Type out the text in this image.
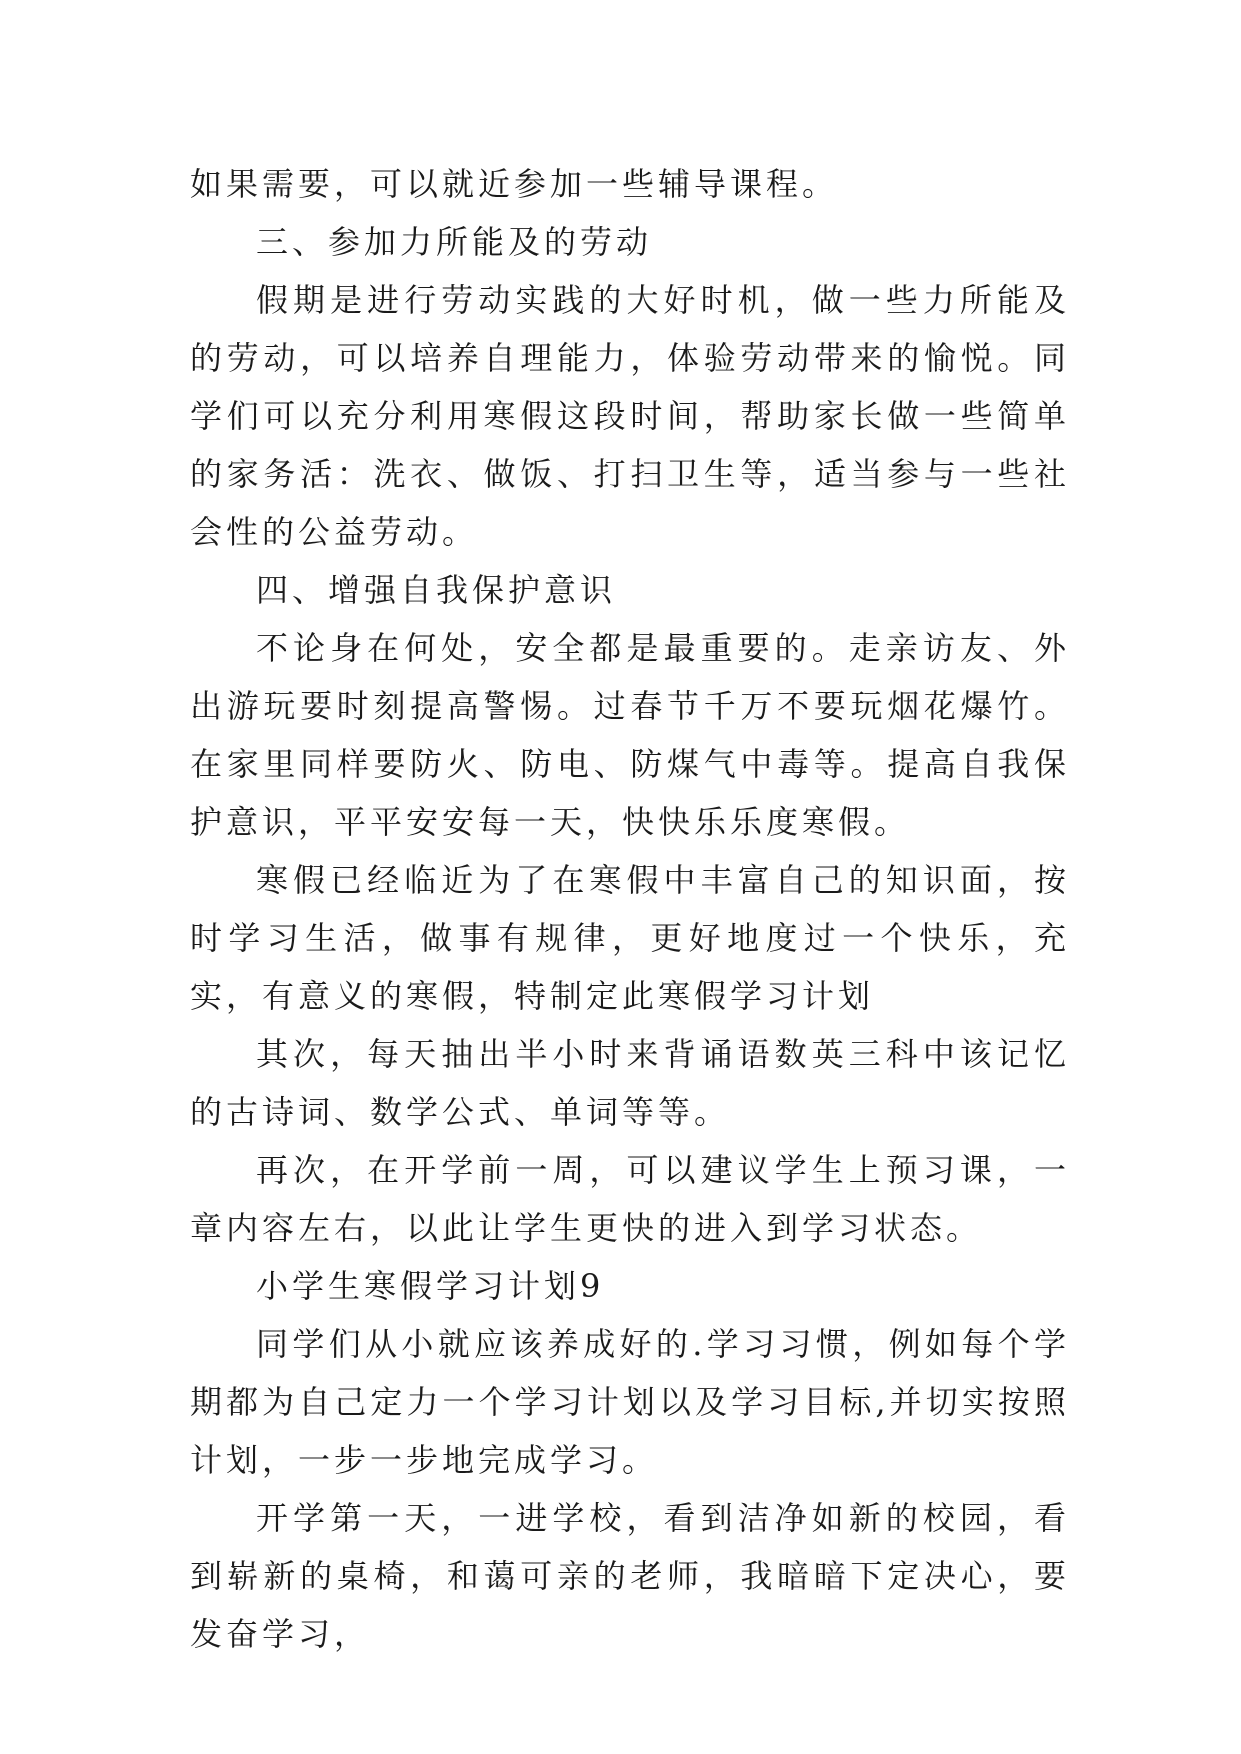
如果需要，可以就近参加一些辅导课程。

三、参加力所能及的劳动

假期是进行劳动实践的大好时机，做一些力所能及的劳动，可以培养自理能力，体验劳动带来的愉悦。同学们可以充分利用寒假这段时间，帮助家长做一些简单的家务活：洗衣、做饭、打扫卫生等，适当参与一些社会性的公益劳动。

四、增强自我保护意识

不论身在何处，安全都是最重要的。走亲访友、外出游玩要时刻提高警惕。过春节千万不要玩烟花爆竹。在家里同样要防火、防电、防煤气中毒等。提高自我保护意识，平平安安每一天，快快乐乐度寒假。

寒假已经临近为了在寒假中丰富自己的知识面，按时学习生活，做事有规律，更好地度过一个快乐，充实，有意义的寒假，特制定此寒假学习计划

其次，每天抽出半小时来背诵语数英三科中该记忆的古诗词、数学公式、单词等等。

再次，在开学前一周，可以建议学生上预习课，一章内容左右，以此让学生更快的进入到学习状态。

小学生寒假学习计划9

同学们从小就应该养成好的.学习习惯，例如每个学期都为自己定力一个学习计划以及学习目标,并切实按照计划，一步一步地完成学习。

开学第一天，一进学校，看到洁净如新的校园，看到崭新的桌椅，和蔼可亲的老师，我暗暗下定决心，要发奋学习，
